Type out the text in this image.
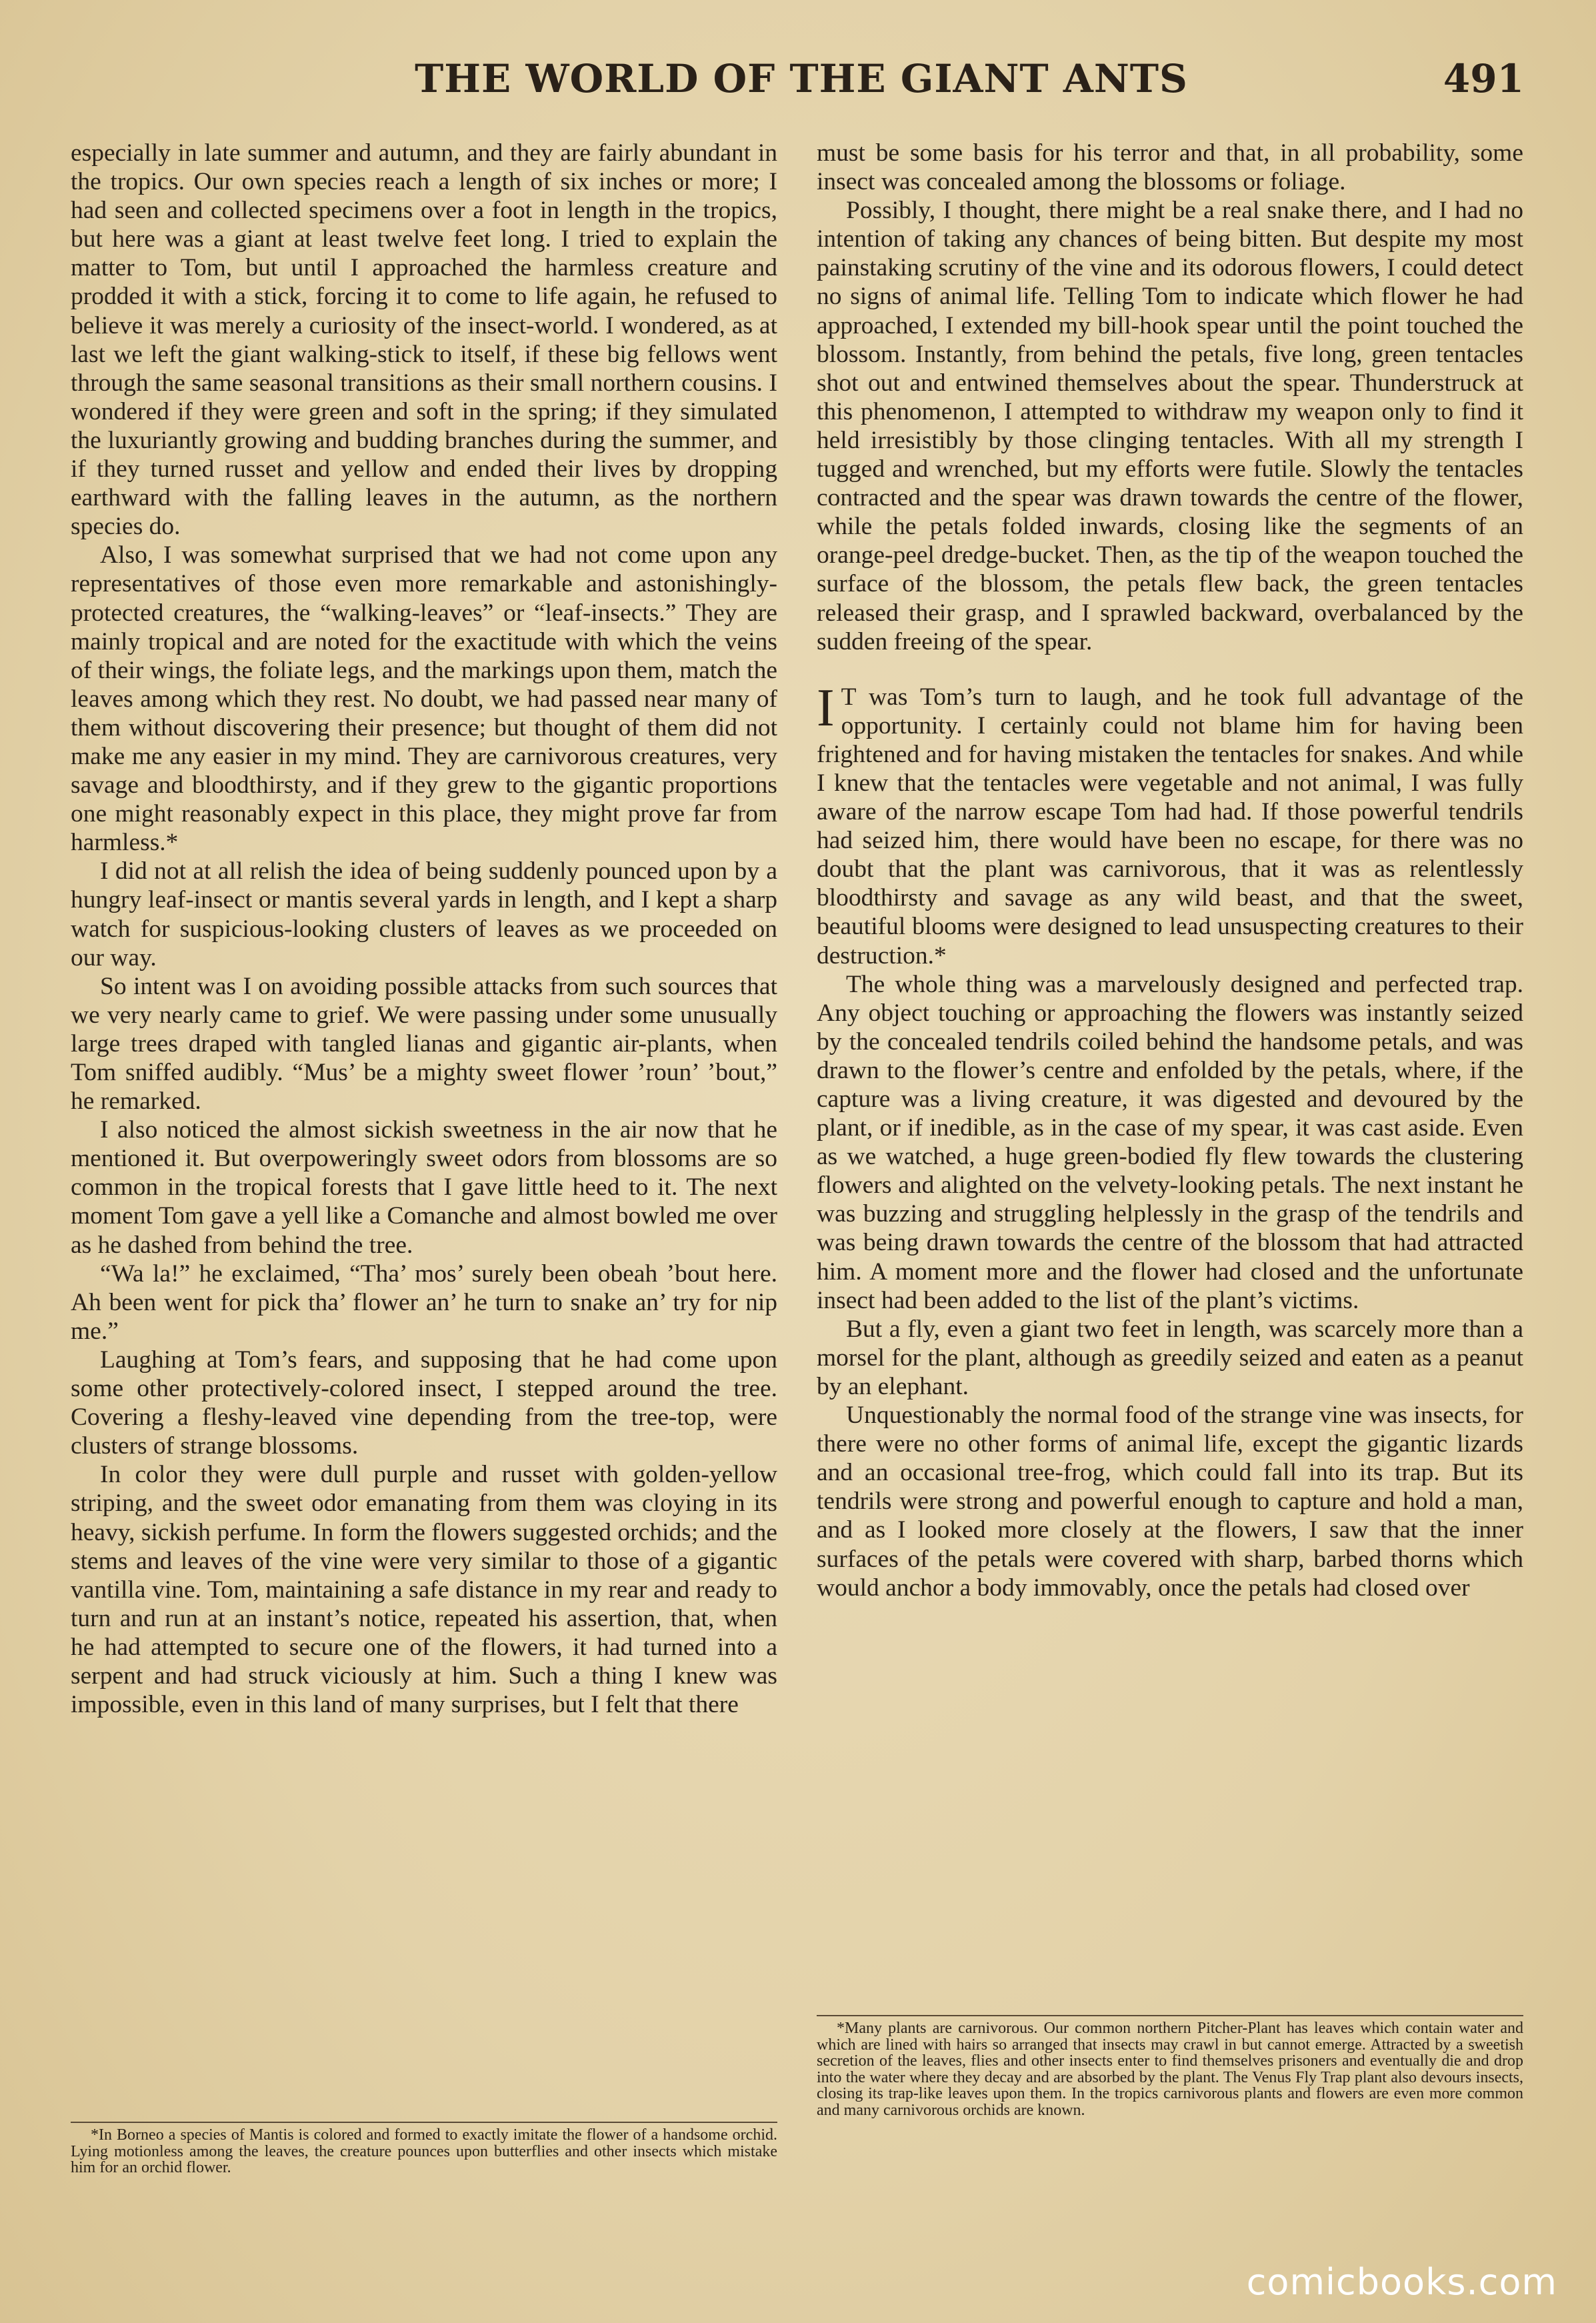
THE WORLD OF THE GIANT ANTS	491

especially in late summer and autumn, and they are fairly abundant in the tropics. Our own species reach a length of six inches or more; I had seen and collected specimens over a foot in length in the tropics, but here was a giant at least twelve feet long. I tried to explain the matter to Tom, but until I approached the harmless creature and prodded it with a stick, forcing it to come to life again, he refused to believe it was merely a curiosity of the insect-world. I wondered, as at last we left the giant walking-stick to itself, if these big fellows went through the same seasonal transitions as their small northern cousins. I wondered if they were green and soft in the spring; if they simulated the luxuriantly growing and budding branches during the summer, and if they turned russet and yellow and ended their lives by dropping earthward with the falling leaves in the autumn, as the northern species do.

Also, I was somewhat surprised that we had not come upon any representatives of those even more remarkable and astonishingly-protected creatures, the “walking-leaves” or “leaf-insects.” They are mainly tropical and are noted for the exactitude with which the veins of their wings, the foliate legs, and the markings upon them, match the leaves among which they rest. No doubt, we had passed near many of them without discovering their presence; but thought of them did not make me any easier in my mind. They are carnivorous creatures, very savage and bloodthirsty, and if they grew to the gigantic proportions one might reasonably expect in this place, they might prove far from harmless.*

I did not at all relish the idea of being suddenly pounced upon by a hungry leaf-insect or mantis several yards in length, and I kept a sharp watch for suspicious-looking clusters of leaves as we proceeded on our way.

So intent was I on avoiding possible attacks from such sources that we very nearly came to grief. We were passing under some unusually large trees draped with tangled lianas and gigantic air-plants, when Tom sniffed audibly. “Mus’ be a mighty sweet flower ’roun’ ’bout,” he remarked.

I also noticed the almost sickish sweetness in the air now that he mentioned it. But overpoweringly sweet odors from blossoms are so common in the tropical forests that I gave little heed to it. The next moment Tom gave a yell like a Comanche and almost bowled me over as he dashed from behind the tree.

“Wa la!” he exclaimed, “Tha’ mos’ surely been obeah ’bout here. Ah been went for pick tha’ flower an’ he turn to snake an’ try for nip me.”

Laughing at Tom’s fears, and supposing that he had come upon some other protectively-colored insect, I stepped around the tree. Covering a fleshy-leaved vine depending from the tree-top, were clusters of strange blossoms.

In color they were dull purple and russet with golden-yellow striping, and the sweet odor emanating from them was cloying in its heavy, sickish perfume. In form the flowers suggested orchids; and the stems and leaves of the vine were very similar to those of a gigantic vantilla vine. Tom, maintaining a safe distance in my rear and ready to turn and run at an instant’s notice, repeated his assertion, that, when he had attempted to secure one of the flowers, it had turned into a serpent and had struck viciously at him. Such a thing I knew was impossible, even in this land of many surprises, but I felt that there

*In Borneo a species of Mantis is colored and formed to exactly imitate the flower of a handsome orchid. Lying motionless among the leaves, the creature pounces upon butterflies and other insects which mistake him for an orchid flower.

must be some basis for his terror and that, in all probability, some insect was concealed among the blossoms or foliage.

Possibly, I thought, there might be a real snake there, and I had no intention of taking any chances of being bitten. But despite my most painstaking scrutiny of the vine and its odorous flowers, I could detect no signs of animal life. Telling Tom to indicate which flower he had approached, I extended my bill-hook spear until the point touched the blossom. Instantly, from behind the petals, five long, green tentacles shot out and entwined themselves about the spear. Thunderstruck at this phenomenon, I attempted to withdraw my weapon only to find it held irresistibly by those clinging tentacles. With all my strength I tugged and wrenched, but my efforts were futile. Slowly the tentacles contracted and the spear was drawn towards the centre of the flower, while the petals folded inwards, closing like the segments of an orange-peel dredge-bucket. Then, as the tip of the weapon touched the surface of the blossom, the petals flew back, the green tentacles released their grasp, and I sprawled backward, overbalanced by the sudden freeing of the spear.

I T was Tom’s turn to laugh, and he took full advantage of the opportunity. I certainly could not blame him for having been frightened and for having mistaken the tentacles for snakes. And while I knew that the tentacles were vegetable and not animal, I was fully aware of the narrow escape Tom had had. If those powerful tendrils had seized him, there would have been no escape, for there was no doubt that the plant was carnivorous, that it was as relentlessly bloodthirsty and savage as any wild beast, and that the sweet, beautiful blooms were designed to lead unsuspecting creatures to their destruction.*

The whole thing was a marvelously designed and perfected trap. Any object touching or approaching the flowers was instantly seized by the concealed tendrils coiled behind the handsome petals, and was drawn to the flower’s centre and enfolded by the petals, where, if the capture was a living creature, it was digested and devoured by the plant, or if inedible, as in the case of my spear, it was cast aside. Even as we watched, a huge green-bodied fly flew towards the clustering flowers and alighted on the velvety-looking petals. The next instant he was buzzing and struggling helplessly in the grasp of the tendrils and was being drawn towards the centre of the blossom that had attracted him. A moment more and the flower had closed and the unfortunate insect had been added to the list of the plant’s victims.

But a fly, even a giant two feet in length, was scarcely more than a morsel for the plant, although as greedily seized and eaten as a peanut by an elephant.

Unquestionably the normal food of the strange vine was insects, for there were no other forms of animal life, except the gigantic lizards and an occasional tree-frog, which could fall into its trap. But its tendrils were strong and powerful enough to capture and hold a man, and as I looked more closely at the flowers, I saw that the inner surfaces of the petals were covered with sharp, barbed thorns which would anchor a body immovably, once the petals had closed over

*Many plants are carnivorous. Our common northern Pitcher-Plant has leaves which contain water and which are lined with hairs so arranged that insects may crawl in but cannot emerge. Attracted by a sweetish secretion of the leaves, flies and other insects enter to find themselves prisoners and eventually die and drop into the water where they decay and are absorbed by the plant. The Venus Fly Trap plant also devours insects, closing its trap-like leaves upon them. In the tropics carnivorous plants and flowers are even more common and many carnivorous orchids are known.

comicbooks.com
